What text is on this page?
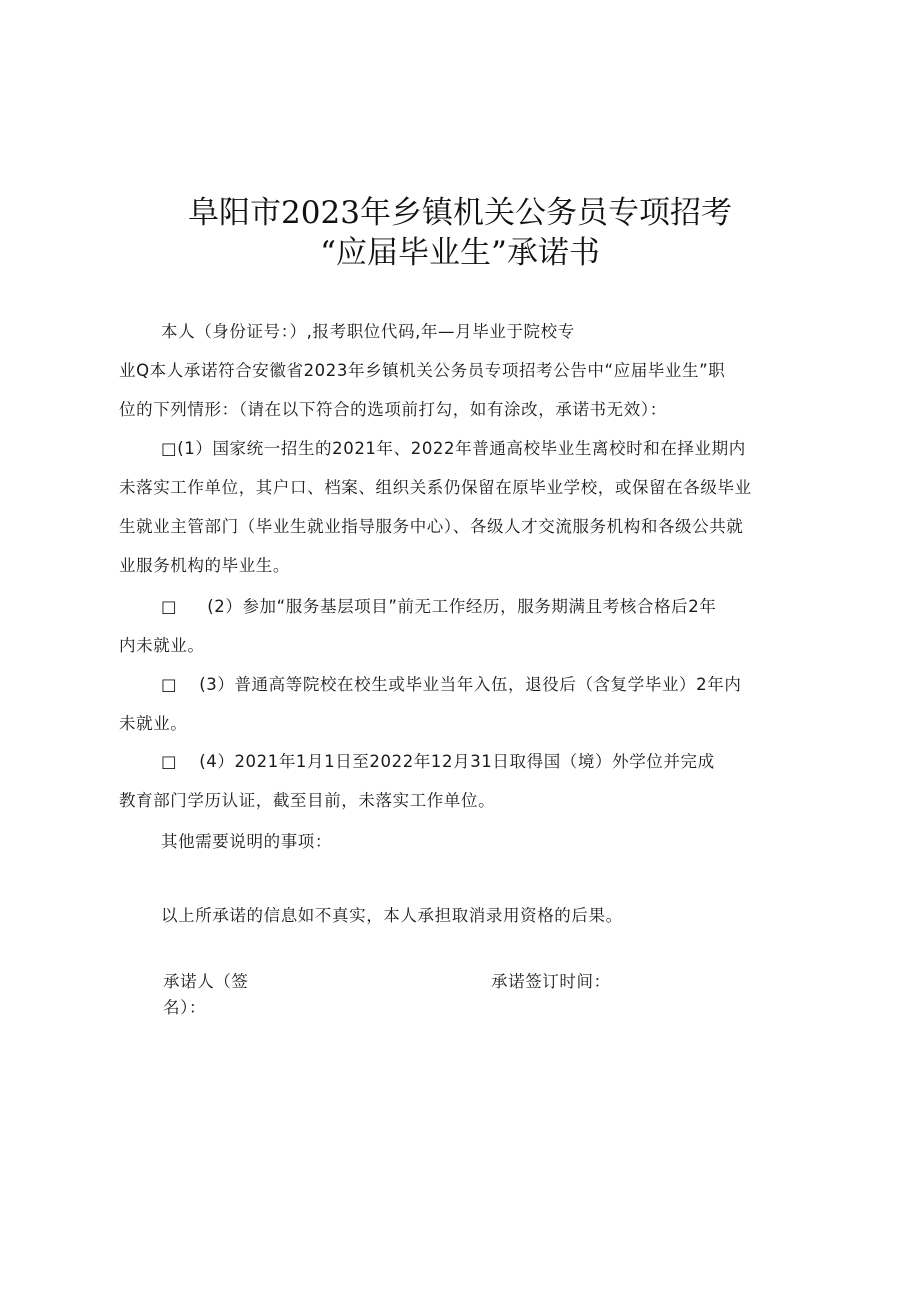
阜阳市2023年乡镇机关公务员专项招考
“应届毕业生”承诺书
本人（身份证号：）,报考职位代码,年—月毕业于院校专
业Q本人承诺符合安徽省2023年乡镇机关公务员专项招考公告中“应届毕业生”职
位的下列情形：（请在以下符合的选项前打勾，如有涂改，承诺书无效）：
□(1）国家统一招生的2021年、2022年普通高校毕业生离校时和在择业期内
未落实工作单位，其户口、档案、组织关系仍保留在原毕业学校，或保留在各级毕业
生就业主管部门（毕业生就业指导服务中心）、各级人才交流服务机构和各级公共就
业服务机构的毕业生。
□ (2）参加“服务基层项目”前无工作经历，服务期满且考核合格后2年
内未就业。
□ (3）普通高等院校在校生或毕业当年入伍，退役后（含复学毕业）2年内
未就业。
□ (4）2021年1月1日至2022年12月31日取得国（境）外学位并完成
教育部门学历认证，截至目前，未落实工作单位。
其他需要说明的事项：
以上所承诺的信息如不真实，本人承担取消录用资格的后果。
承诺人（签
名）：
承诺签订时间：
